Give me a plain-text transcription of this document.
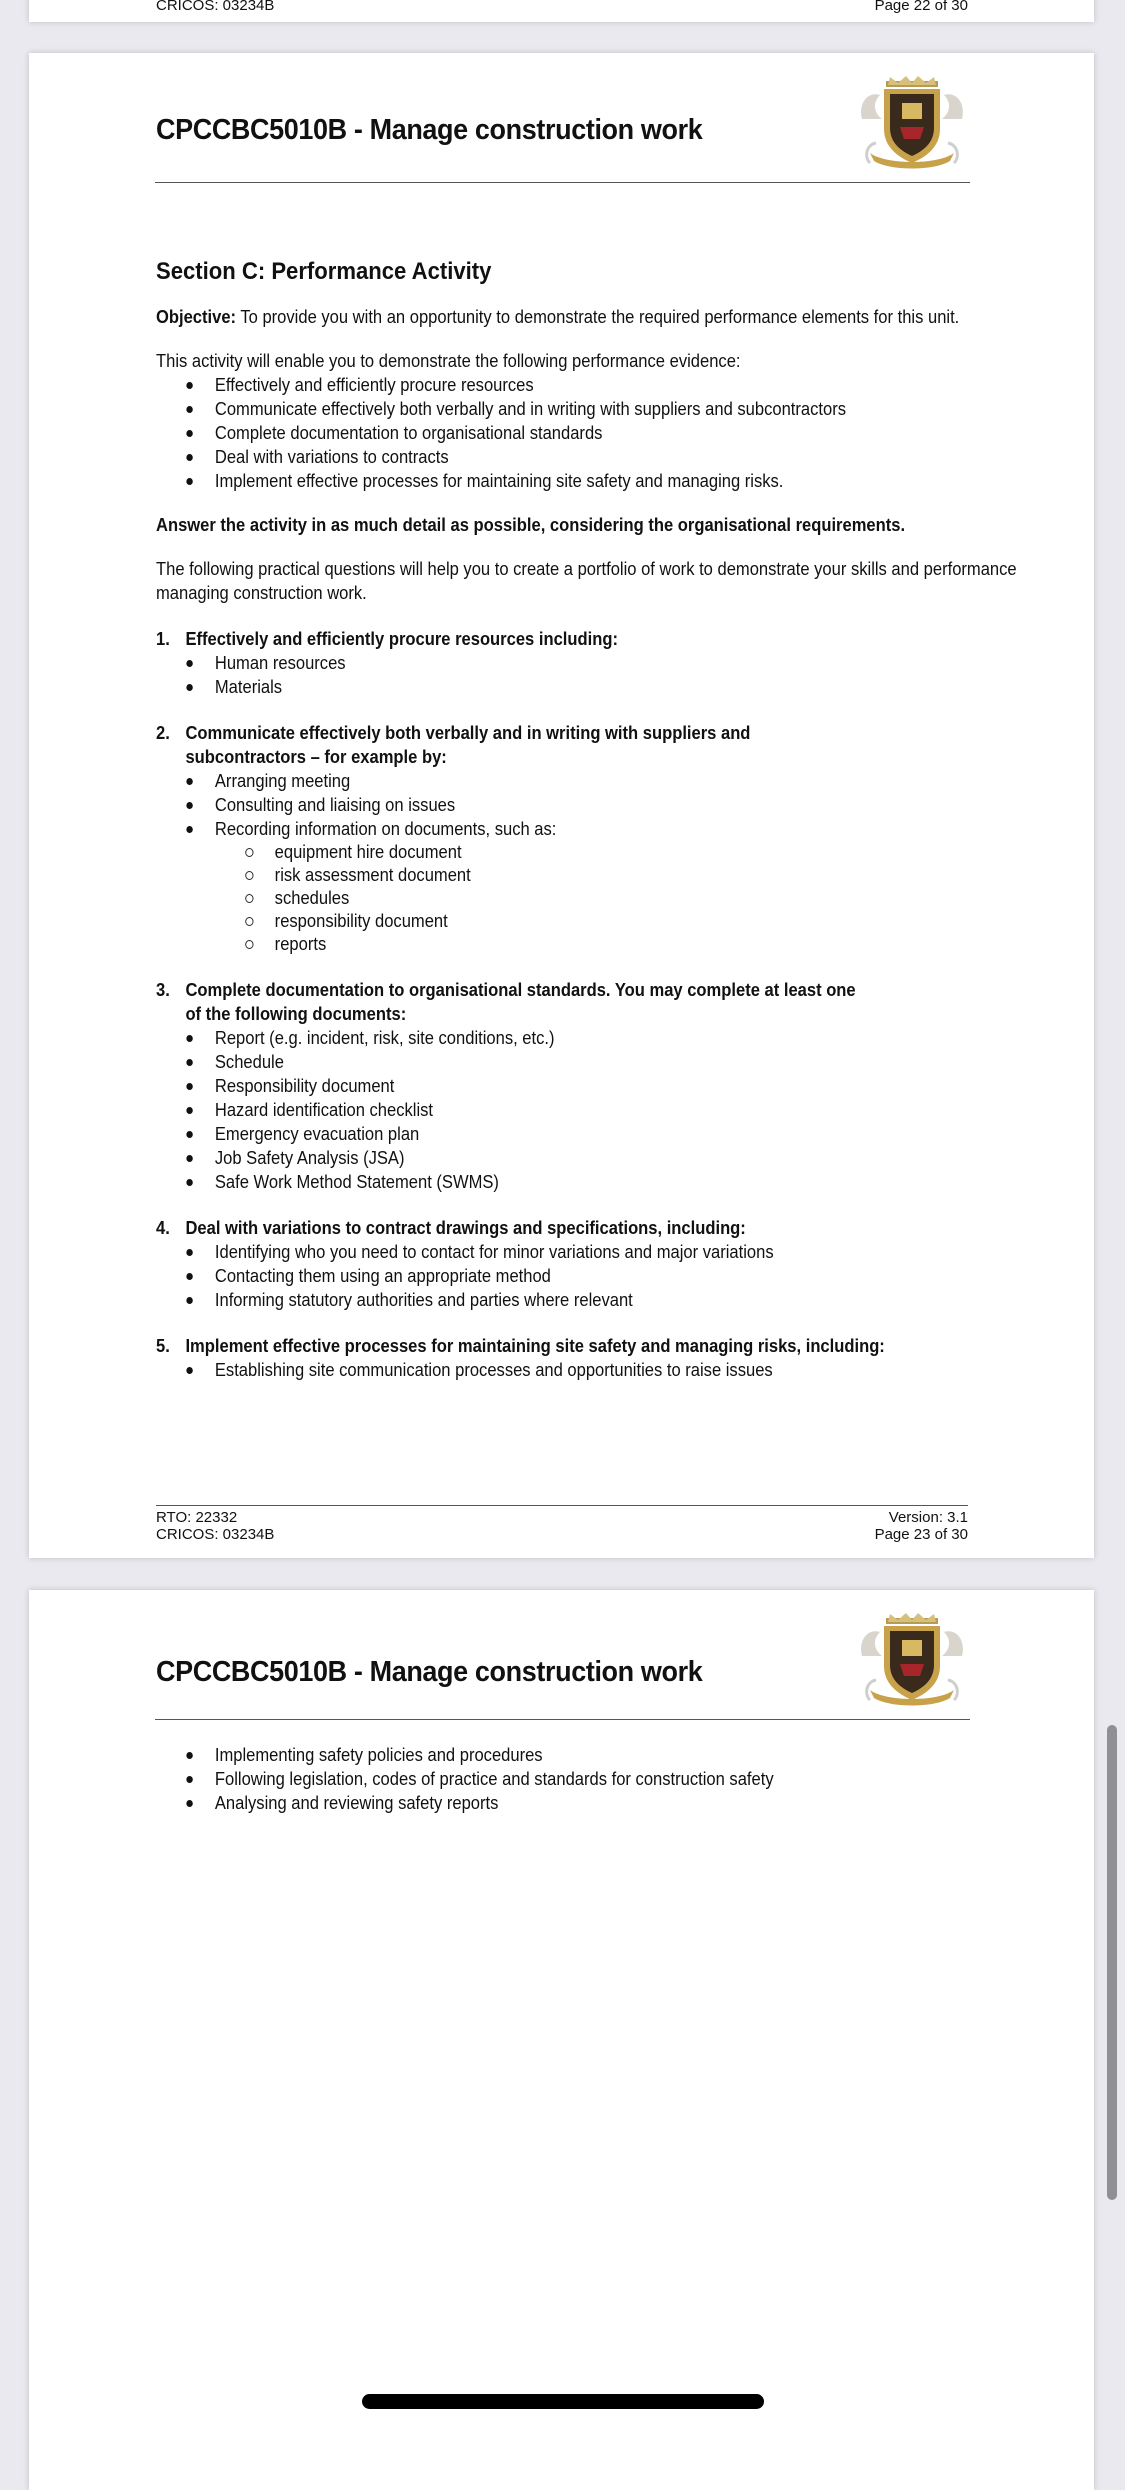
CRICOS: 03234B	Page 22 of 30
CPCCBC5010B - Manage construction work
Section C: Performance Activity

Objective: To provide you with an opportunity to demonstrate the required performance elements for this unit.

This activity will enable you to demonstrate the following performance evidence:

Effectively and efficiently procure resources
Communicate effectively both verbally and in writing with suppliers and subcontractors
Complete documentation to organisational standards
Deal with variations to contracts
Implement effective processes for maintaining site safety and managing risks.

Answer the activity in as much detail as possible, considering the organisational requirements.

The following practical questions will help you to create a portfolio of work to demonstrate your skills and performance managing construction work.

1. Effectively and efficiently procure resources including:
Human resources
Materials
2. Communicate effectively both verbally and in writing with suppliers and subcontractors – for example by:
Arranging meeting
Consulting and liaising on issues
Recording information on documents, such as:
equipment hire document
risk assessment document
schedules
responsibility document
reports
3. Complete documentation to organisational standards. You may complete at least one of the following documents:
Report (e.g. incident, risk, site conditions, etc.)
Schedule
Responsibility document
Hazard identification checklist
Emergency evacuation plan
Job Safety Analysis (JSA)
Safe Work Method Statement (SWMS)
4. Deal with variations to contract drawings and specifications, including:
Identifying who you need to contact for minor variations and major variations
Contacting them using an appropriate method
Informing statutory authorities and parties where relevant
5. Implement effective processes for maintaining site safety and managing risks, including:
Establishing site communication processes and opportunities to raise issues
RTO: 22332
CRICOS: 03234B
Version: 3.1
Page 23 of 30
CPCCBC5010B - Manage construction work
Implementing safety policies and procedures
Following legislation, codes of practice and standards for construction safety
Analysing and reviewing safety reports
